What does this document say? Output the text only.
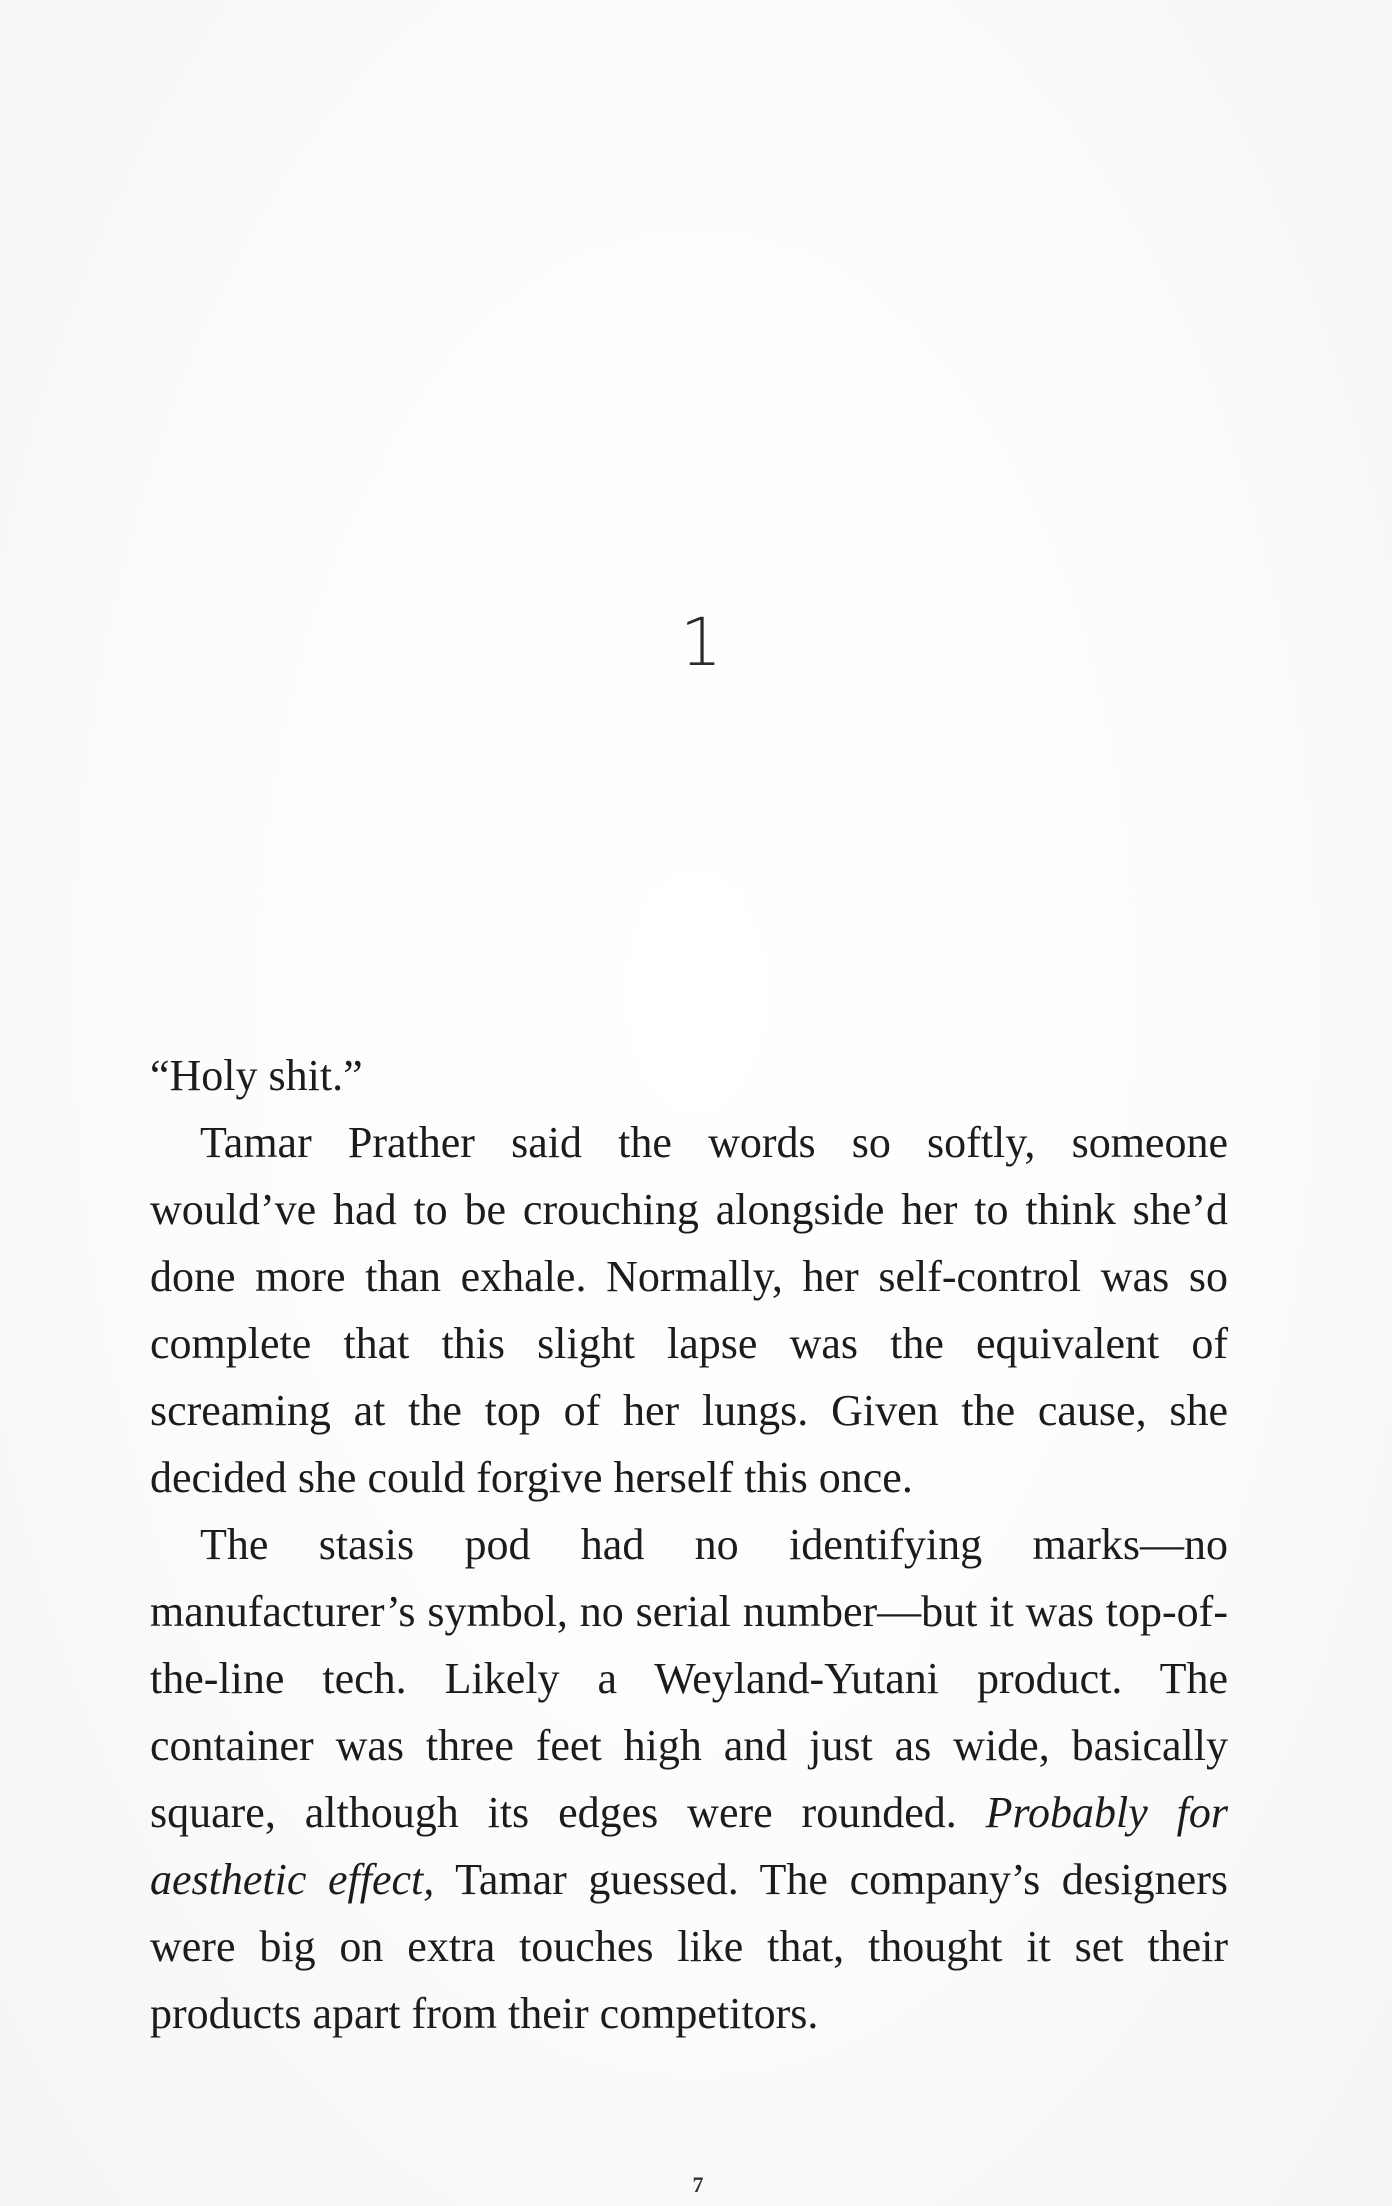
1

“Holy shit.”

Tamar Prather said the words so softly, someone would’ve had to be crouching alongside her to think she’d done more than exhale. Normally, her self-control was so complete that this slight lapse was the equivalent of screaming at the top of her lungs. Given the cause, she decided she could forgive herself this once.

The stasis pod had no identifying marks—no manufacturer’s symbol, no serial number—but it was top-of-the-line tech. Likely a Weyland-Yutani product. The container was three feet high and just as wide, basically square, although its edges were rounded. Probably for aesthetic effect, Tamar guessed. The company’s designers were big on extra touches like that, thought it set their products apart from their competitors.

7
